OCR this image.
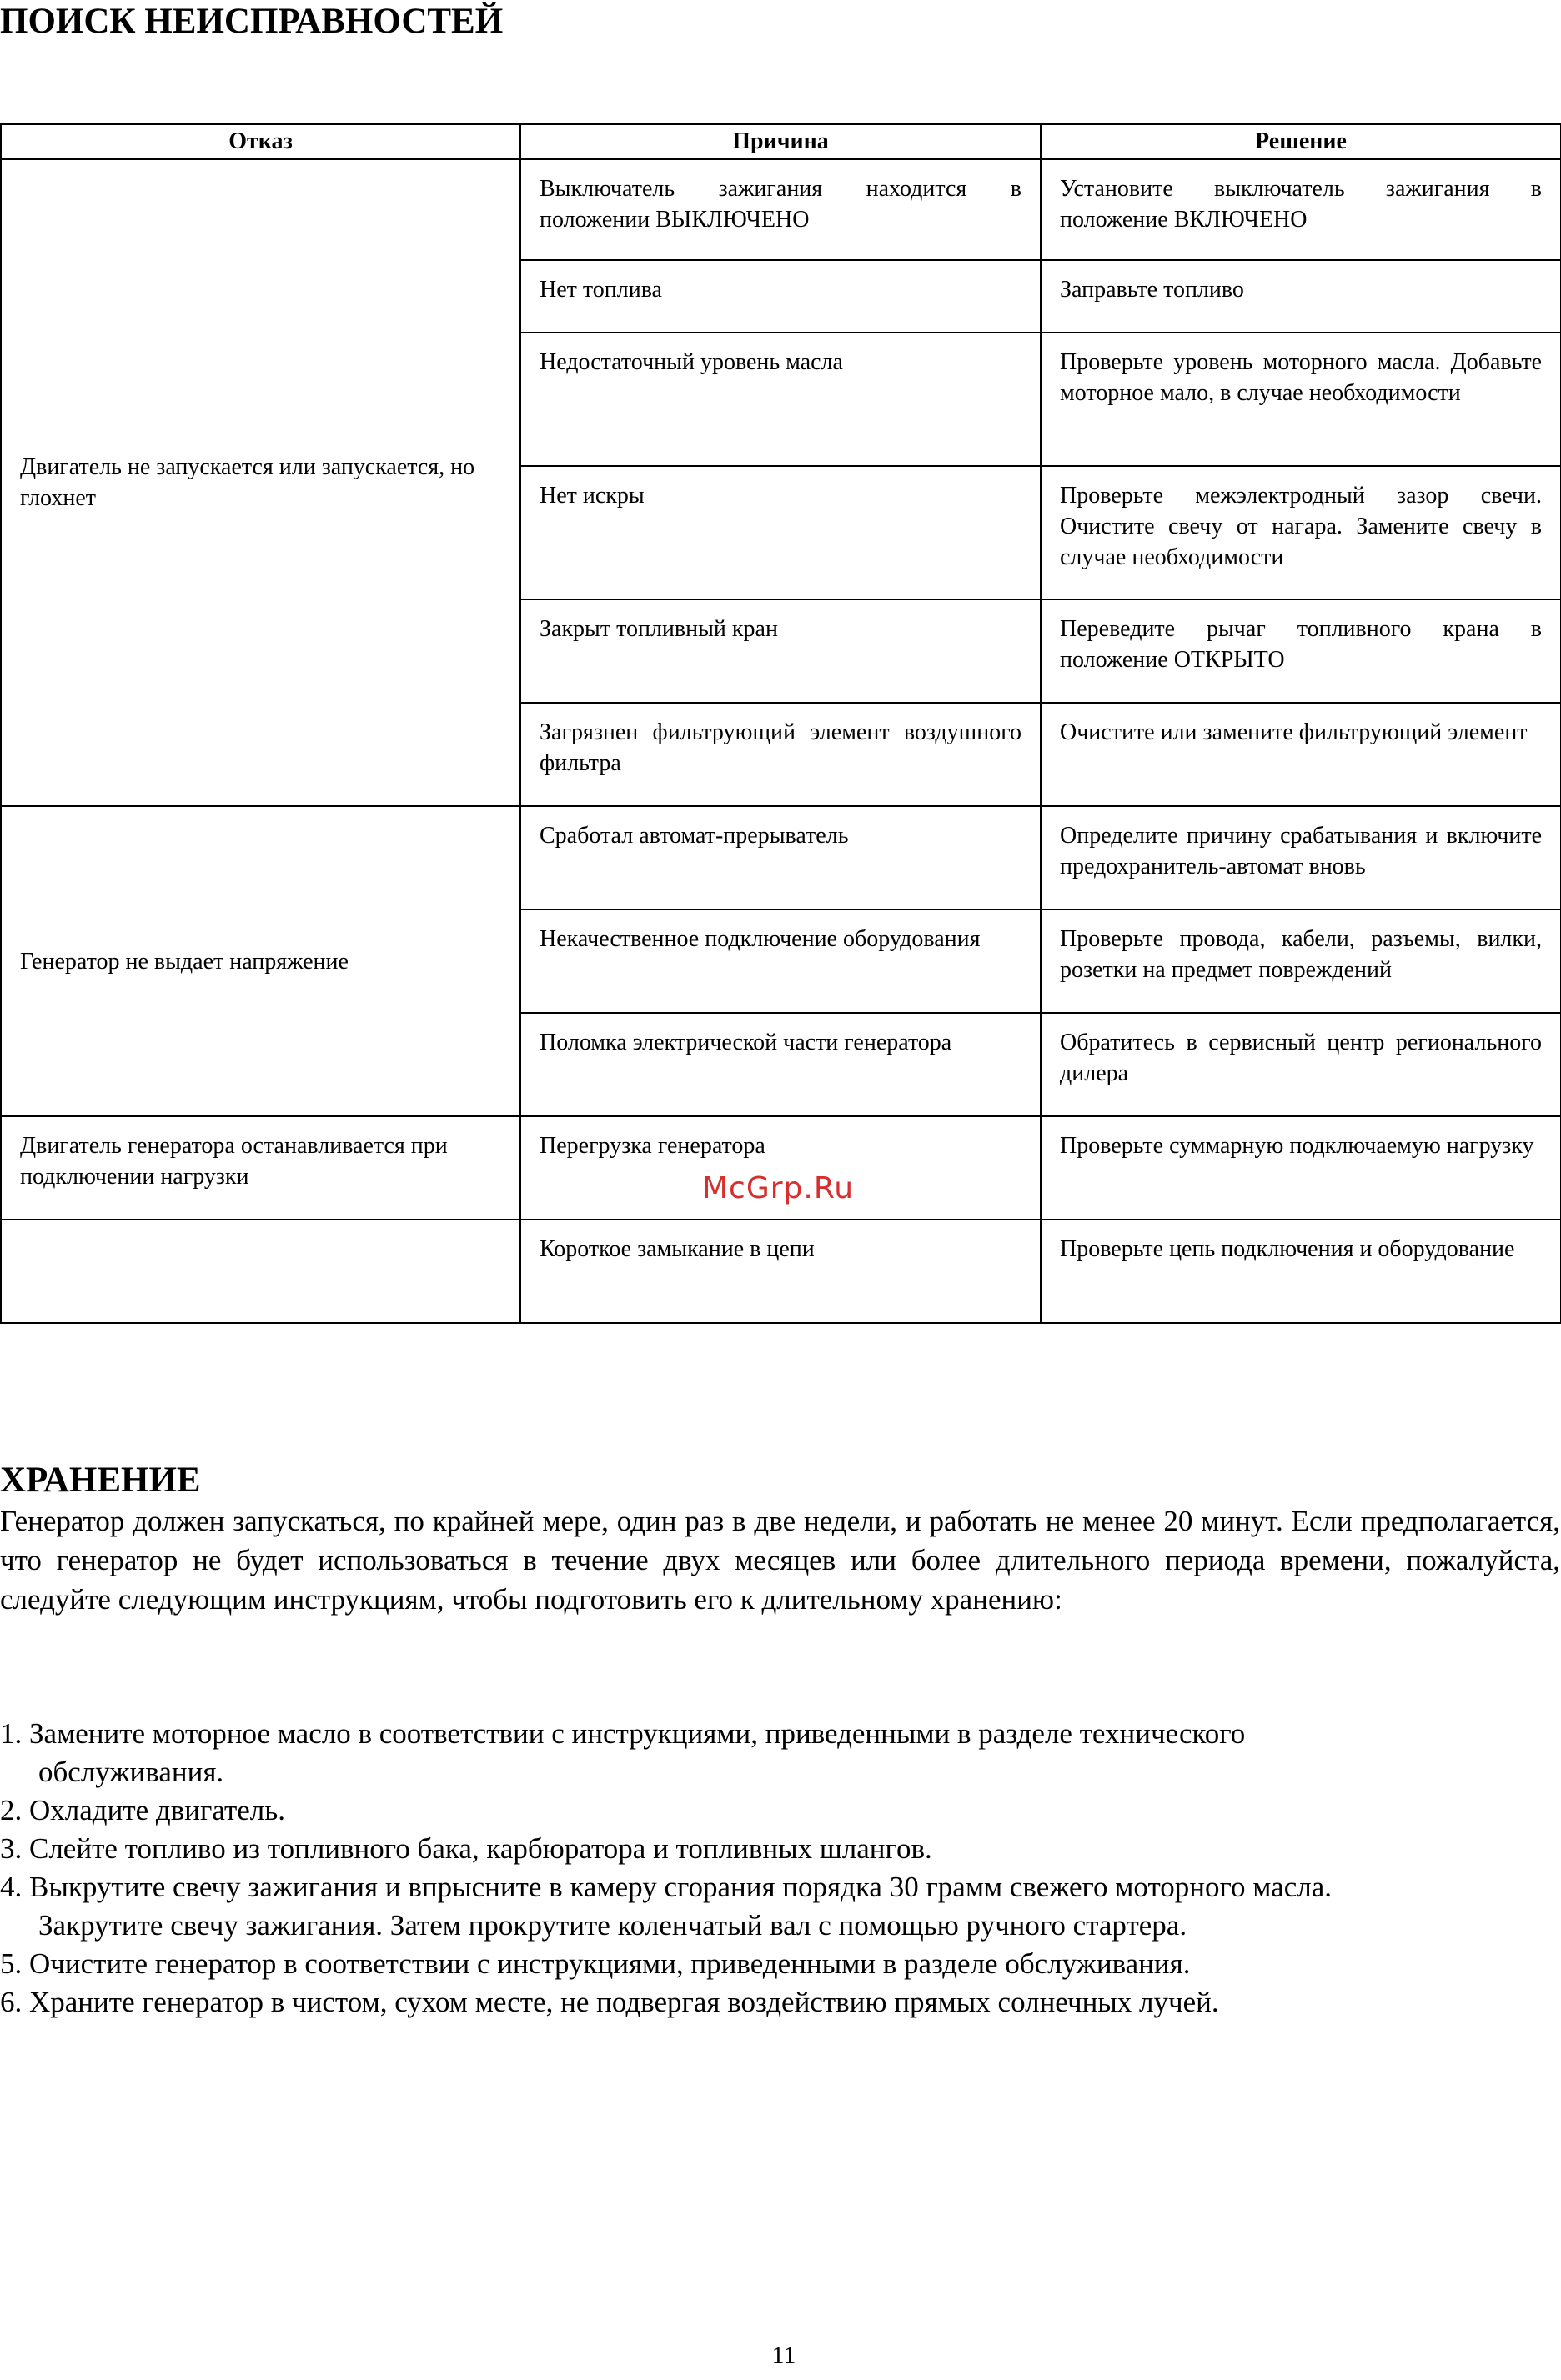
ПОИСК НЕИСПРАВНОСТЕЙ
Отказ	Причина	Решение
Двигатель не запускается или запускается, но глохнет	Выключатель зажигания находится в положении ВЫКЛЮЧЕНО	Установите выключатель зажигания в положение ВКЛЮЧЕНО
	Нет топлива	Заправьте топливо
	Недостаточный уровень масла	Проверьте уровень моторного масла. Добавьте моторное мало, в случае необходимости
	Нет искры	Проверьте межэлектродный зазор свечи. Очистите свечу от нагара. Замените свечу в случае необходимости
	Закрыт топливный кран	Переведите рычаг топливного крана в положение ОТКРЫТО
	Загрязнен фильтрующий элемент воздушного фильтра	Очистите или замените фильтрующий элемент
Генератор не выдает напряжение	Сработал автомат-прерыватель	Определите причину срабатывания и включите предохранитель-автомат вновь
	Некачественное подключение оборудования	Проверьте провода, кабели, разъемы, вилки, розетки на предмет повреждений
	Поломка электрической части генератора	Обратитесь в сервисный центр регионального дилера
Двигатель генератора останавливается при подключении нагрузки	Перегрузка генератора	Проверьте суммарную подключаемую нагрузку
	Короткое замыкание в цепи	Проверьте цепь подключения и оборудование
McGrp.Ru
ХРАНЕНИЕ

Генератор должен запускаться, по крайней мере, один раз в две недели, и работать не менее 20 минут. Если предполагается, что генератор не будет использоваться в течение двух месяцев или более длительного периода времени, пожалуйста, следуйте следующим инструкциям, чтобы подготовить его к длительному хранению:

1. Замените моторное масло в соответствии с инструкциями, приведенными в разделе технического
обслуживания.
2. Охладите двигатель.
3. Слейте топливо из топливного бака, карбюратора и топливных шлангов.
4. Выкрутите свечу зажигания и впрысните в камеру сгорания порядка 30 грамм свежего моторного масла.
Закрутите свечу зажигания. Затем прокрутите коленчатый вал с помощью ручного стартера.
5. Очистите генератор в соответствии с инструкциями, приведенными в разделе обслуживания.
6. Храните генератор в чистом, сухом месте, не подвергая воздействию прямых солнечных лучей.
11
